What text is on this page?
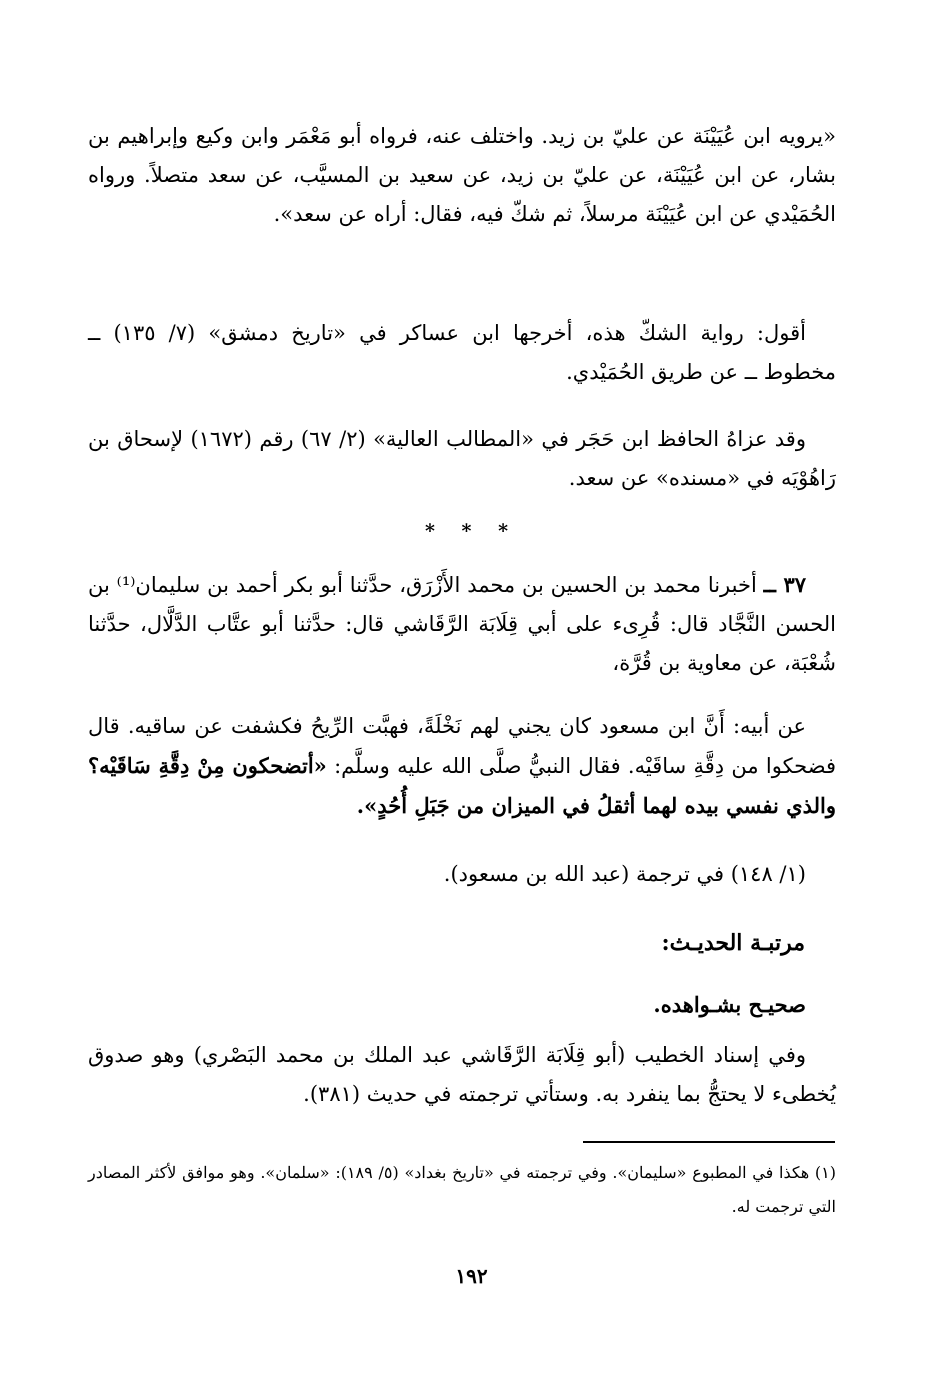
«يرويه ابن عُيَيْنَة عن عليّ بن زيد. واختلف عنه، فرواه أبو مَعْمَر وابن وكيع وإبراهيم بن بشار، عن ابن عُيَيْنَة، عن عليّ بن زيد، عن سعيد بن المسيَّب، عن سعد متصلاً. ورواه الحُمَيْدي عن ابن عُيَيْنَة مرسلاً، ثم شكّ فيه، فقال: أراه عن سعد».

أقول: رواية الشكّ هذه، أخرجها ابن عساكر في «تاريخ دمشق» (٧/ ١٣٥) ــ مخطوط ــ عن طريق الحُمَيْدي.

وقد عزاهُ الحافظ ابن حَجَر في «المطالب العالية» (٢/ ٦٧) رقم (١٦٧٢) لإسحاق بن رَاهُوْيَه في «مسنده» عن سعد.

* * *

٣٧ ــ أخبرنا محمد بن الحسين بن محمد الأَزْرَق، حدَّثنا أبو بكر أحمد بن سليمان⁽¹⁾ بن الحسن النَّجَّاد قال: قُرِىء على أبي قِلَابَة الرَّقَاشي قال: حدَّثنا أبو عتَّاب الدَّلَّال، حدَّثنا شُعْبَة، عن معاوية بن قُرَّة،

عن أبيه: أَنَّ ابن مسعود كان يجني لهم نَخْلَةً، فهبَّت الرِّيحُ فكشفت عن ساقيه. قال فضحكوا من دِقَّةِ ساقَيْه. فقال النبيُّ صلَّى الله عليه وسلَّم: «أتضحكون مِنْ دِقَّةِ سَاقَيْه؟ والذي نفسي بيده لهما أثقلُ في الميزان من جَبَلِ أُحُدٍ».

(١/ ١٤٨) في ترجمة (عبد الله بن مسعود).

مرتبـة الحديـث:

صحيـح بشـواهده.

وفي إسناد الخطيب (أبو قِلَابَة الرَّقَاشي عبد الملك بن محمد البَصْري) وهو صدوق يُخطىء لا يحتجُّ بما ينفرد به. وستأتي ترجمته في حديث (٣٨١).

(١) هكذا في المطبوع «سليمان». وفي ترجمته في «تاريخ بغداد» (٥/ ١٨٩): «سلمان». وهو موافق لأكثر المصادر التي ترجمت له.

١٩٢
